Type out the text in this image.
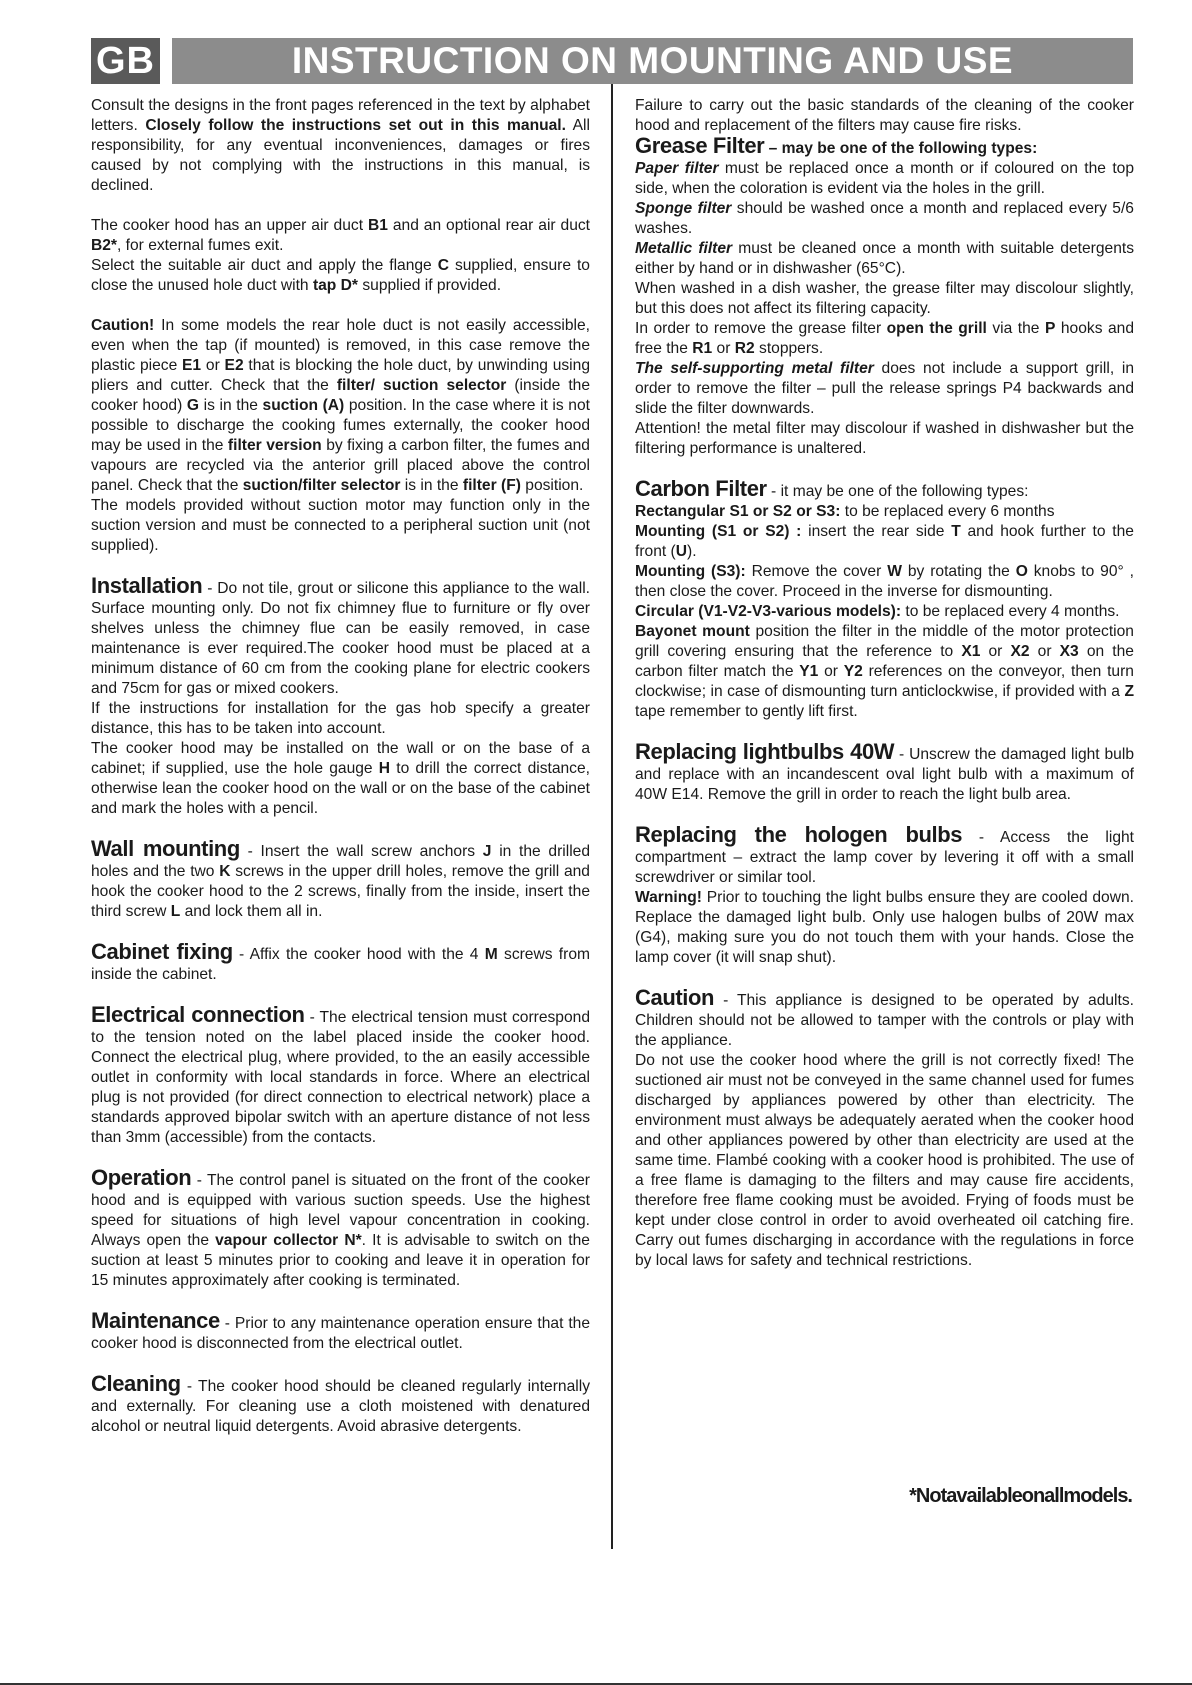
GB	INSTRUCTION ON MOUNTING AND USE

Consult the designs in the front pages referenced in the text by alphabet letters. Closely follow the instructions set out in this manual. All responsibility, for any eventual inconveniences, damages or fires caused by not complying with the instructions in this manual, is declined.

The cooker hood has an upper air duct B1 and an optional rear air duct B2*, for external fumes exit.

Select the suitable air duct and apply the flange C supplied, ensure to close the unused hole duct with tap D* supplied if provided.

Caution! In some models the rear hole duct is not easily accessible, even when the tap (if mounted) is removed, in this case remove the plastic piece E1 or E2 that is blocking the hole duct, by unwinding using pliers and cutter. Check that the filter/ suction selector (inside the cooker hood) G is in the suction (A) position. In the case where it is not possible to discharge the cooking fumes externally, the cooker hood may be used in the filter version by fixing a carbon filter, the fumes and vapours are recycled via the anterior grill placed above the control panel. Check that the suction/filter selector is in the filter (F) position.

The models provided without suction motor may function only in the suction version and must be connected to a peripheral suction unit (not supplied).

Installation - Do not tile, grout or silicone this appliance to the wall. Surface mounting only. Do not fix chimney flue to furniture or fly over shelves unless the chimney flue can be easily removed, in case maintenance is ever required.The cooker hood must be placed at a minimum distance of 60 cm from the cooking plane for electric cookers and 75cm for gas or mixed cookers.

If the instructions for installation for the gas hob specify a greater distance, this has to be taken into account.

The cooker hood may be installed on the wall or on the base of a cabinet; if supplied, use the hole gauge H to drill the correct distance, otherwise lean the cooker hood on the wall or on the base of the cabinet and mark the holes with a pencil.

Wall mounting - Insert the wall screw anchors J in the drilled holes and the two K screws in the upper drill holes, remove the grill and hook the cooker hood to the 2 screws, finally from the inside, insert the third screw L and lock them all in.

Cabinet fixing - Affix the cooker hood with the 4 M screws from inside the cabinet.

Electrical connection - The electrical tension must correspond to the tension noted on the label placed inside the cooker hood. Connect the electrical plug, where provided, to the an easily accessible outlet in conformity with local standards in force. Where an electrical plug is not provided (for direct connection to electrical network) place a standards approved bipolar switch with an aperture distance of not less than 3mm (accessible) from the contacts.

Operation - The control panel is situated on the front of the cooker hood and is equipped with various suction speeds. Use the highest speed for situations of high level vapour concentration in cooking. Always open the vapour collector N*. It is advisable to switch on the suction at least 5 minutes prior to cooking and leave it in operation for 15 minutes approximately after cooking is terminated.

Maintenance - Prior to any maintenance operation ensure that the cooker hood is disconnected from the electrical outlet.

Cleaning - The cooker hood should be cleaned regularly internally and externally. For cleaning use a cloth moistened with denatured alcohol or neutral liquid detergents. Avoid abrasive detergents.

Failure to carry out the basic standards of the cleaning of the cooker hood and replacement of the filters may cause fire risks.

Grease Filter – may be one of the following types:

Paper filter must be replaced once a month or if coloured on the top side, when the coloration is evident via the holes in the grill.

Sponge filter should be washed once a month and replaced every 5/6 washes.

Metallic filter must be cleaned once a month with suitable detergents either by hand or in dishwasher (65°C).

When washed in a dish washer, the grease filter may discolour slightly, but this does not affect its filtering capacity.

In order to remove the grease filter open the grill via the P hooks and free the R1 or R2 stoppers.

The self-supporting metal filter does not include a support grill, in order to remove the filter – pull the release springs P4 backwards and slide the filter downwards.

Attention! the metal filter may discolour if washed in dishwasher but the filtering performance is unaltered.

Carbon Filter - it may be one of the following types:

Rectangular S1 or S2 or S3: to be replaced every 6 months

Mounting (S1 or S2) : insert the rear side T and hook further to the front (U).

Mounting (S3): Remove the cover W by rotating the O knobs to 90° , then close the cover. Proceed in the inverse for dismounting.

Circular (V1-V2-V3-various models): to be replaced every 4 months.

Bayonet mount position the filter in the middle of the motor protection grill covering ensuring that the reference to X1 or X2 or X3 on the carbon filter match the Y1 or Y2 references on the conveyor, then turn clockwise; in case of dismounting turn anticlockwise, if provided with a Z tape remember to gently lift first.

Replacing lightbulbs 40W - Unscrew the damaged light bulb and replace with an incandescent oval light bulb with a maximum of 40W E14. Remove the grill in order to reach the light bulb area.

Replacing the hologen bulbs - Access the light compartment – extract the lamp cover by levering it off with a small screwdriver or similar tool.

Warning! Prior to touching the light bulbs ensure they are cooled down. Replace the damaged light bulb. Only use halogen bulbs of 20W max (G4), making sure you do not touch them with your hands. Close the lamp cover (it will snap shut).

Caution - This appliance is designed to be operated by adults. Children should not be allowed to tamper with the controls or play with the appliance.

Do not use the cooker hood where the grill is not correctly fixed! The suctioned air must not be conveyed in the same channel used for fumes discharged by appliances powered by other than electricity. The environment must always be adequately aerated when the cooker hood and other appliances powered by other than electricity are used at the same time. Flambé cooking with a cooker hood is prohibited. The use of a free flame is damaging to the filters and may cause fire accidents, therefore free flame cooking must be avoided. Frying of foods must be kept under close control in order to avoid overheated oil catching fire. Carry out fumes discharging in accordance with the regulations in force by local laws for safety and technical restrictions.

*Notavailableonallmodels.
